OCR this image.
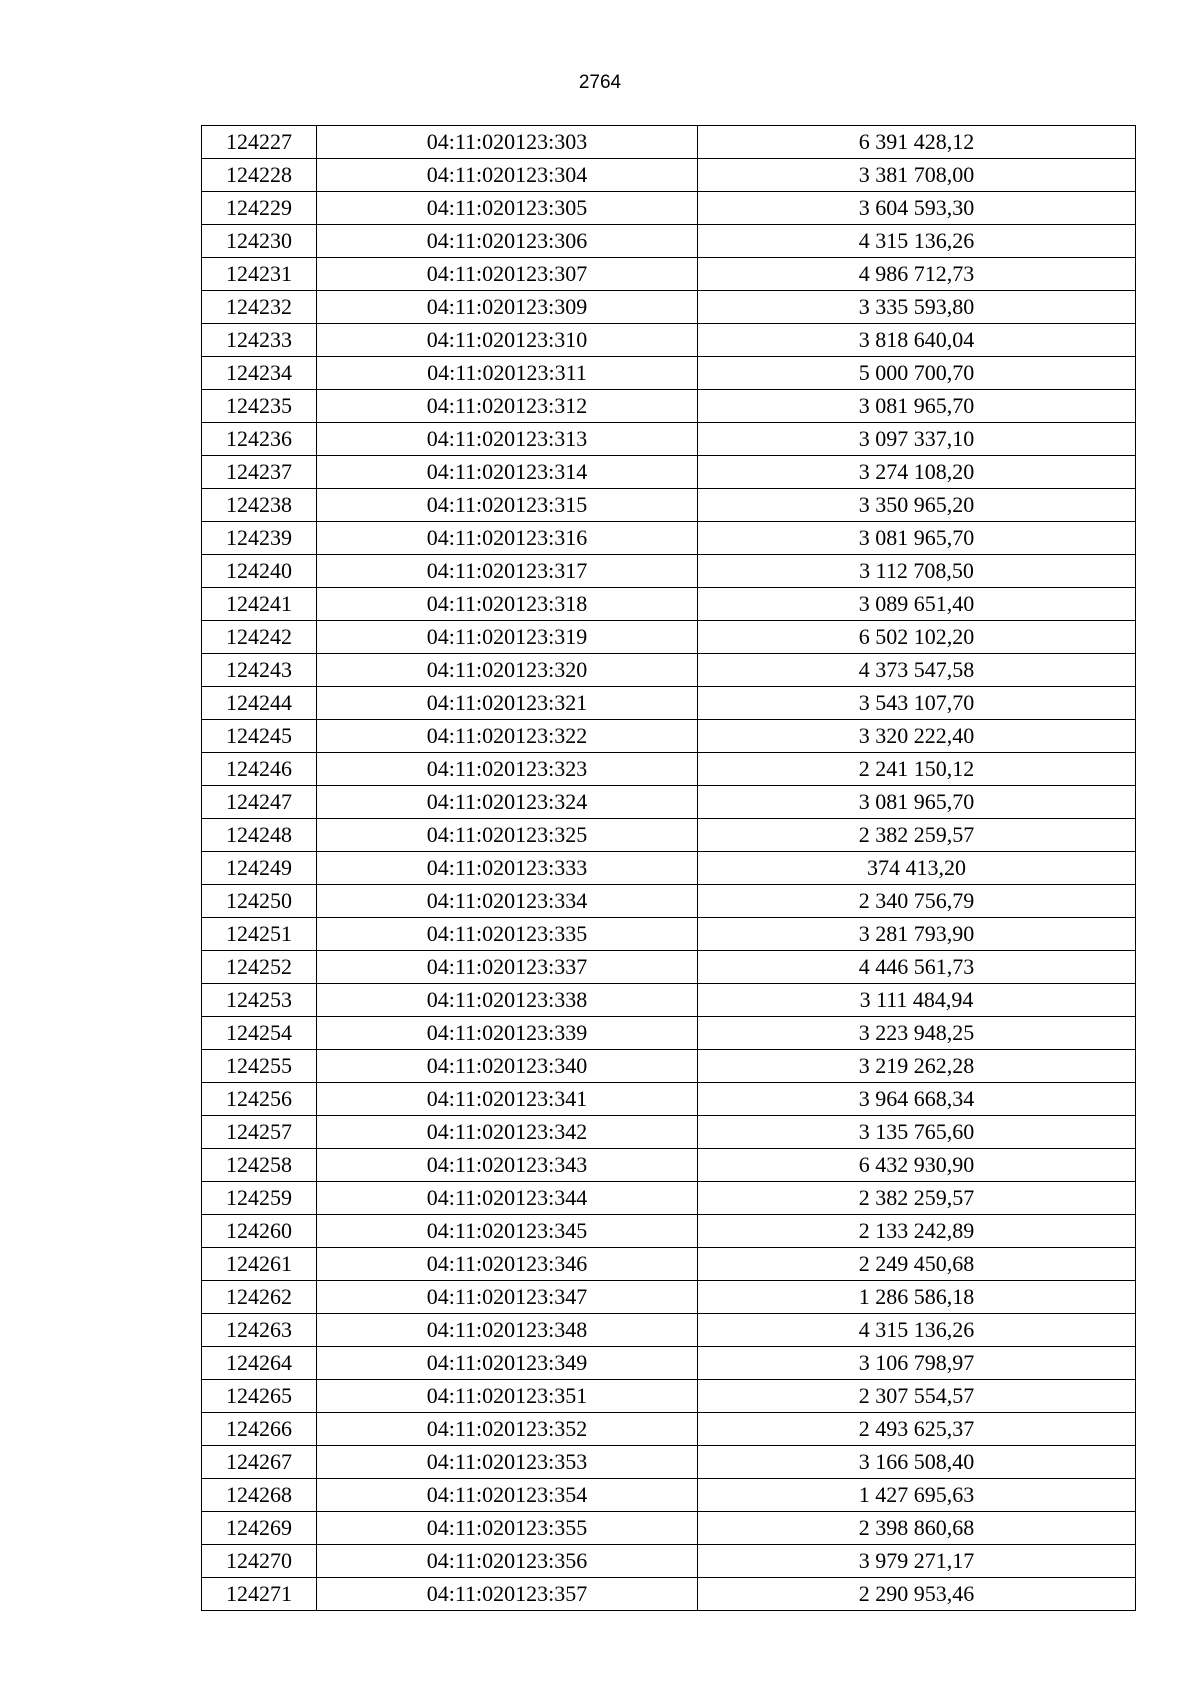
2764
124227	04:11:020123:303	6 391 428,12
124228	04:11:020123:304	3 381 708,00
124229	04:11:020123:305	3 604 593,30
124230	04:11:020123:306	4 315 136,26
124231	04:11:020123:307	4 986 712,73
124232	04:11:020123:309	3 335 593,80
124233	04:11:020123:310	3 818 640,04
124234	04:11:020123:311	5 000 700,70
124235	04:11:020123:312	3 081 965,70
124236	04:11:020123:313	3 097 337,10
124237	04:11:020123:314	3 274 108,20
124238	04:11:020123:315	3 350 965,20
124239	04:11:020123:316	3 081 965,70
124240	04:11:020123:317	3 112 708,50
124241	04:11:020123:318	3 089 651,40
124242	04:11:020123:319	6 502 102,20
124243	04:11:020123:320	4 373 547,58
124244	04:11:020123:321	3 543 107,70
124245	04:11:020123:322	3 320 222,40
124246	04:11:020123:323	2 241 150,12
124247	04:11:020123:324	3 081 965,70
124248	04:11:020123:325	2 382 259,57
124249	04:11:020123:333	374 413,20
124250	04:11:020123:334	2 340 756,79
124251	04:11:020123:335	3 281 793,90
124252	04:11:020123:337	4 446 561,73
124253	04:11:020123:338	3 111 484,94
124254	04:11:020123:339	3 223 948,25
124255	04:11:020123:340	3 219 262,28
124256	04:11:020123:341	3 964 668,34
124257	04:11:020123:342	3 135 765,60
124258	04:11:020123:343	6 432 930,90
124259	04:11:020123:344	2 382 259,57
124260	04:11:020123:345	2 133 242,89
124261	04:11:020123:346	2 249 450,68
124262	04:11:020123:347	1 286 586,18
124263	04:11:020123:348	4 315 136,26
124264	04:11:020123:349	3 106 798,97
124265	04:11:020123:351	2 307 554,57
124266	04:11:020123:352	2 493 625,37
124267	04:11:020123:353	3 166 508,40
124268	04:11:020123:354	1 427 695,63
124269	04:11:020123:355	2 398 860,68
124270	04:11:020123:356	3 979 271,17
124271	04:11:020123:357	2 290 953,46
